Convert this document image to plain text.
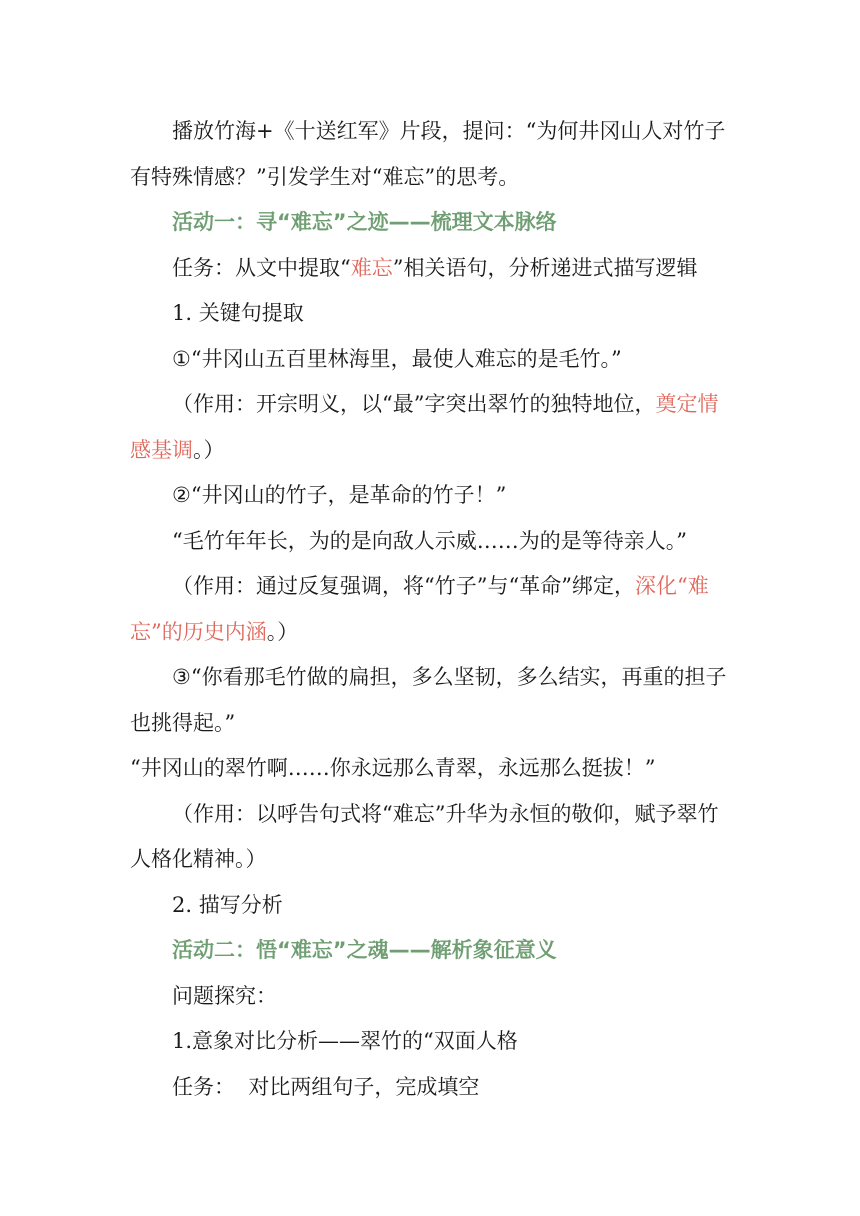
播放竹海+《十送红军》片段，提问：“为何井冈山人对竹子有特殊情感？”引发学生对“难忘”的思考。

活动一：寻“难忘”之迹——梳理文本脉络

任务：从文中提取“难忘”相关语句，分析递进式描写逻辑

1. 关键句提取

①“井冈山五百里林海里，最使人难忘的是毛竹。”

（作用：开宗明义，以“最”字突出翠竹的独特地位，奠定情感基调。）

②“井冈山的竹子，是革命的竹子！”

“毛竹年年长，为的是向敌人示威……为的是等待亲人。”

（作用：通过反复强调，将“竹子”与“革命”绑定，深化“难忘”的历史内涵。）

③“你看那毛竹做的扁担，多么坚韧，多么结实，再重的担子也挑得起。”

“井冈山的翠竹啊……你永远那么青翠，永远那么挺拔！”

（作用：以呼告句式将“难忘”升华为永恒的敬仰，赋予翠竹人格化精神。）

2. 描写分析

活动二：悟“难忘”之魂——解析象征意义

问题探究：

1.意象对比分析——翠竹的“双面人格

任务：  对比两组句子，完成填空
